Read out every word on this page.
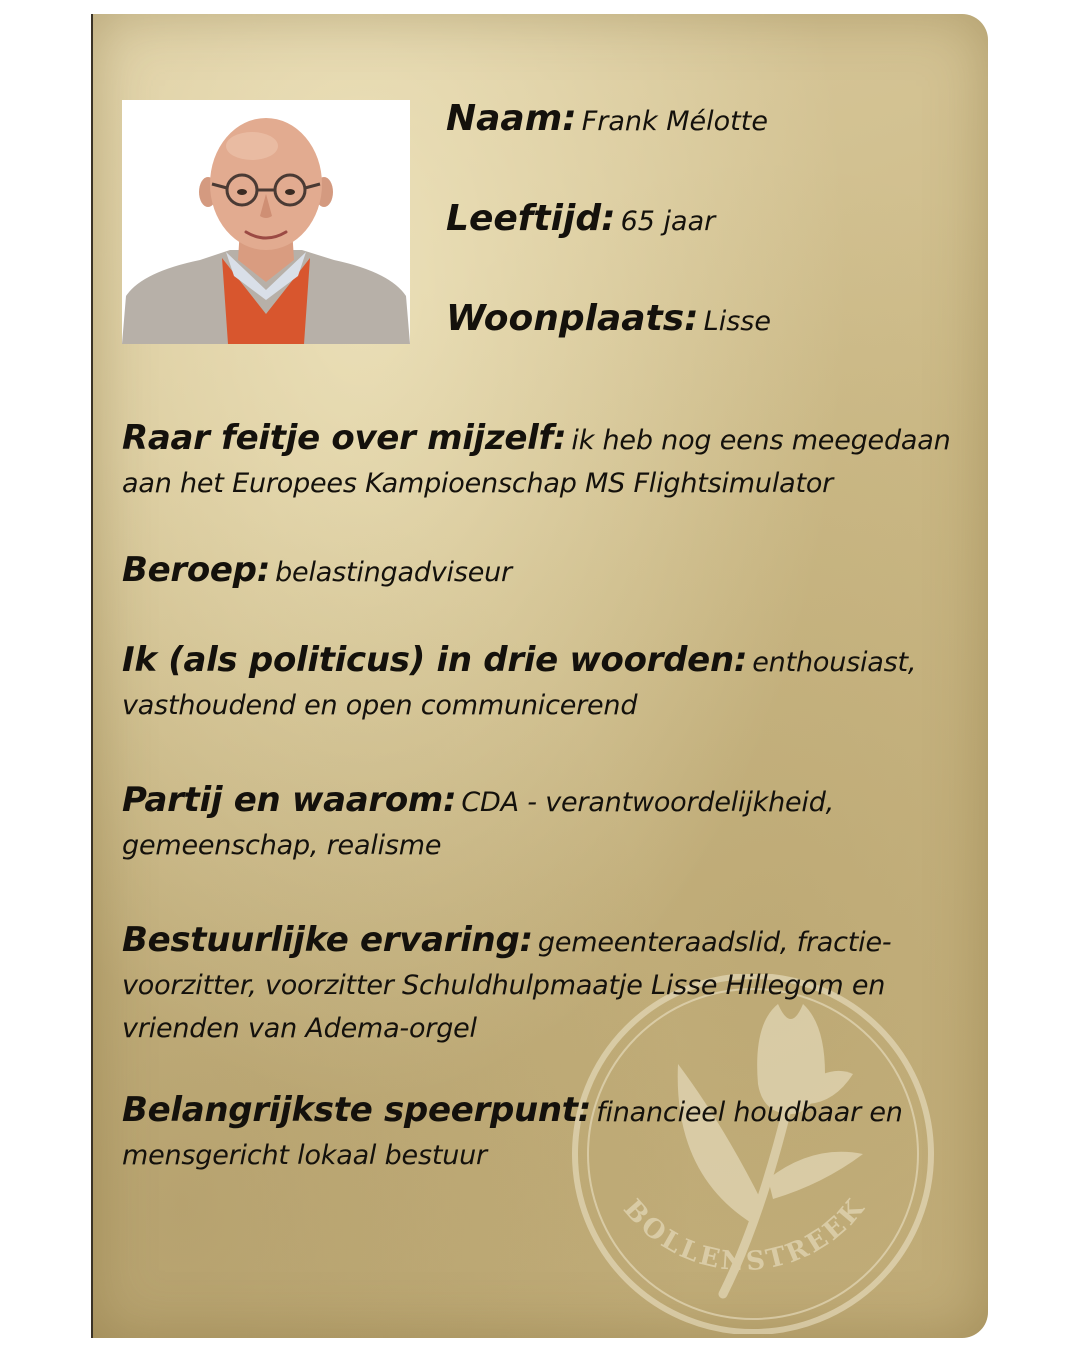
Naam: Frank Mélotte
Leeftijd: 65 jaar
Woonplaats: Lisse
BOLLENSTREEK
Raar feitje over mijzelf: ik heb nog eens meegedaan aan het Europees Kampioenschap MS Flightsimulator
Beroep: belastingadviseur
Ik (als politicus) in drie woorden: enthousiast, vasthoudend en open communicerend
Partij en waarom: CDA - verantwoordelijkheid, gemeenschap, realisme
Bestuurlijke ervaring: gemeenteraadslid, fractie-voorzitter, voorzitter Schuldhulpmaatje Lisse Hillegom en vrienden van Adema-orgel
Belangrijkste speerpunt: financieel houdbaar en mensgericht lokaal bestuur
